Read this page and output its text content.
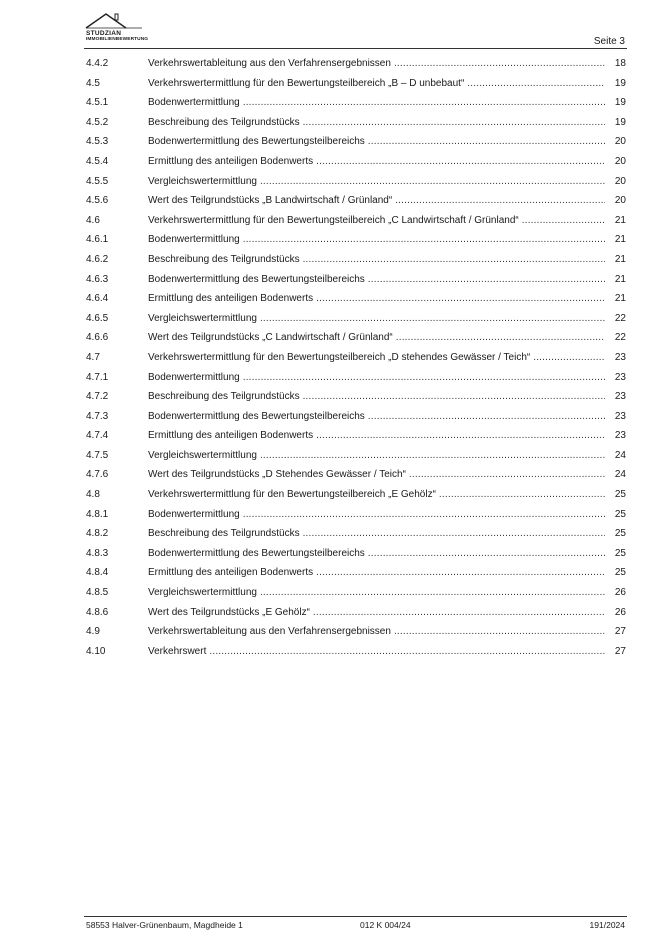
STUDZIAN
IMMOBILIENBEWERTUNG	Seite 3
4.4.2	Verkehrswertableitung aus den Verfahrensergebnissen .....	18
4.5	Verkehrswertermittlung für den Bewertungsteilbereich „B – D unbebaut“ .....	19
4.5.1	Bodenwertermittlung .....	19
4.5.2	Beschreibung des Teilgrundstücks .....	19
4.5.3	Bodenwertermittlung des Bewertungsteilbereichs .....	20
4.5.4	Ermittlung des anteiligen Bodenwerts .....	20
4.5.5	Vergleichswertermittlung .....	20
4.5.6	Wert des Teilgrundstücks „B Landwirtschaft / Grünland“ .....	20
4.6	Verkehrswertermittlung für den Bewertungsteilbereich „C Landwirtschaft / Grünland“ .....	21
4.6.1	Bodenwertermittlung .....	21
4.6.2	Beschreibung des Teilgrundstücks .....	21
4.6.3	Bodenwertermittlung des Bewertungsteilbereichs .....	21
4.6.4	Ermittlung des anteiligen Bodenwerts .....	21
4.6.5	Vergleichswertermittlung .....	22
4.6.6	Wert des Teilgrundstücks „C Landwirtschaft / Grünland“ .....	22
4.7	Verkehrswertermittlung für den Bewertungsteilbereich „D stehendes Gewässer / Teich“ .....	23
4.7.1	Bodenwertermittlung .....	23
4.7.2	Beschreibung des Teilgrundstücks .....	23
4.7.3	Bodenwertermittlung des Bewertungsteilbereichs .....	23
4.7.4	Ermittlung des anteiligen Bodenwerts .....	23
4.7.5	Vergleichswertermittlung .....	24
4.7.6	Wert des Teilgrundstücks „D Stehendes Gewässer / Teich“ .....	24
4.8	Verkehrswertermittlung für den Bewertungsteilbereich „E Gehölz“ .....	25
4.8.1	Bodenwertermittlung .....	25
4.8.2	Beschreibung des Teilgrundstücks .....	25
4.8.3	Bodenwertermittlung des Bewertungsteilbereichs .....	25
4.8.4	Ermittlung des anteiligen Bodenwerts .....	25
4.8.5	Vergleichswertermittlung .....	26
4.8.6	Wert des Teilgrundstücks „E Gehölz“ .....	26
4.9	Verkehrswertableitung aus den Verfahrensergebnissen .....	27
4.10	Verkehrswert .....	27
58553 Halver-Grünenbaum, Magdheide 1	012 K 004/24	191/2024
